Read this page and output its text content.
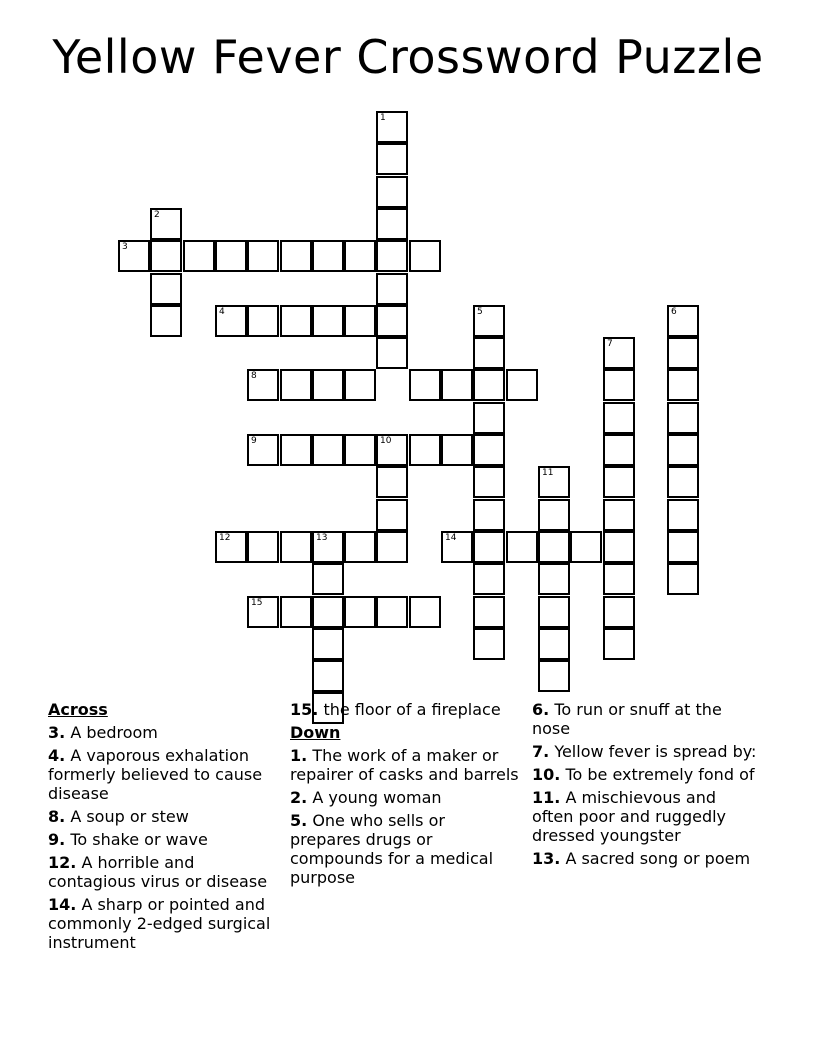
Yellow Fever Crossword Puzzle
1
2
3
4	5	6
7
8
9	10
11
12	13	14
15
Across
3. A bedroom
4. A vaporous exhalation formerly believed to cause disease
8. A soup or stew
9. To shake or wave
12. A horrible and contagious virus or disease
14. A sharp or pointed and commonly 2-edged surgical instrument
15. the floor of a fireplace
Down
1. The work of a maker or repairer of casks and barrels
2. A young woman
5. One who sells or prepares drugs or compounds for a medical purpose
6. To run or snuff at the nose
7. Yellow fever is spread by:
10. To be extremely fond of
11. A mischievous and often poor and ruggedly dressed youngster
13. A sacred song or poem
